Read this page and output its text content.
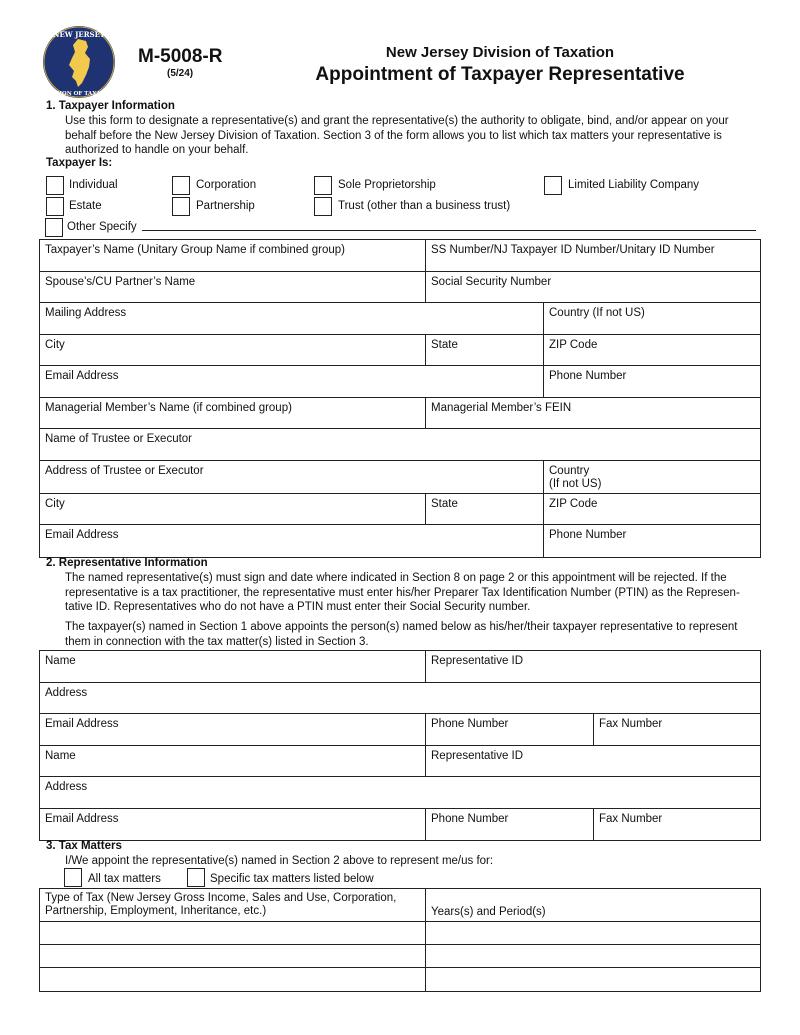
NEW JERSEY
DIVISION OF TAXATION
M-5008-R
(5/24)
New Jersey Division of Taxation
Appointment of Taxpayer Representative
1. Taxpayer Information
Use this form to designate a representative(s) and grant the representative(s) the authority to obligate, bind, and/or appear on your
behalf before the New Jersey Division of Taxation. Section 3 of the form allows you to list which tax matters your representative is
authorized to handle on your behalf.
Taxpayer Is:
Individual	Corporation	Sole Proprietorship	Limited Liability Company
Estate	Partnership	Trust (other than a business trust)
Other Specify
Taxpayer’s Name (Unitary Group Name if combined group)	SS Number/NJ Taxpayer ID Number/Unitary ID Number
Spouse’s/CU Partner’s Name	Social Security Number
Mailing Address	Country (If not US)
City	State	ZIP Code
Email Address	Phone Number
Managerial Member’s Name (if combined group)	Managerial Member’s FEIN
Name of Trustee or Executor
Address of Trustee or Executor	Country
(If not US)
City	State	ZIP Code
Email Address	Phone Number
2. Representative Information
The named representative(s) must sign and date where indicated in Section 8 on page 2 or this appointment will be rejected. If the
representative is a tax practitioner, the representative must enter his/her Preparer Tax Identification Number (PTIN) as the Represen-
tative ID. Representatives who do not have a PTIN must enter their Social Security number.
The taxpayer(s) named in Section 1 above appoints the person(s) named below as his/her/their taxpayer representative to represent
them in connection with the tax matter(s) listed in Section 3.
Name	Representative ID
Address
Email Address	Phone Number	Fax Number
Name	Representative ID
Address
Email Address	Phone Number	Fax Number
3. Tax Matters
I/We appoint the representative(s) named in Section 2 above to represent me/us for:
All tax matters	Specific tax matters listed below
Type of Tax (New Jersey Gross Income, Sales and Use, Corporation,
Partnership, Employment, Inheritance, etc.)	Years(s) and Period(s)
